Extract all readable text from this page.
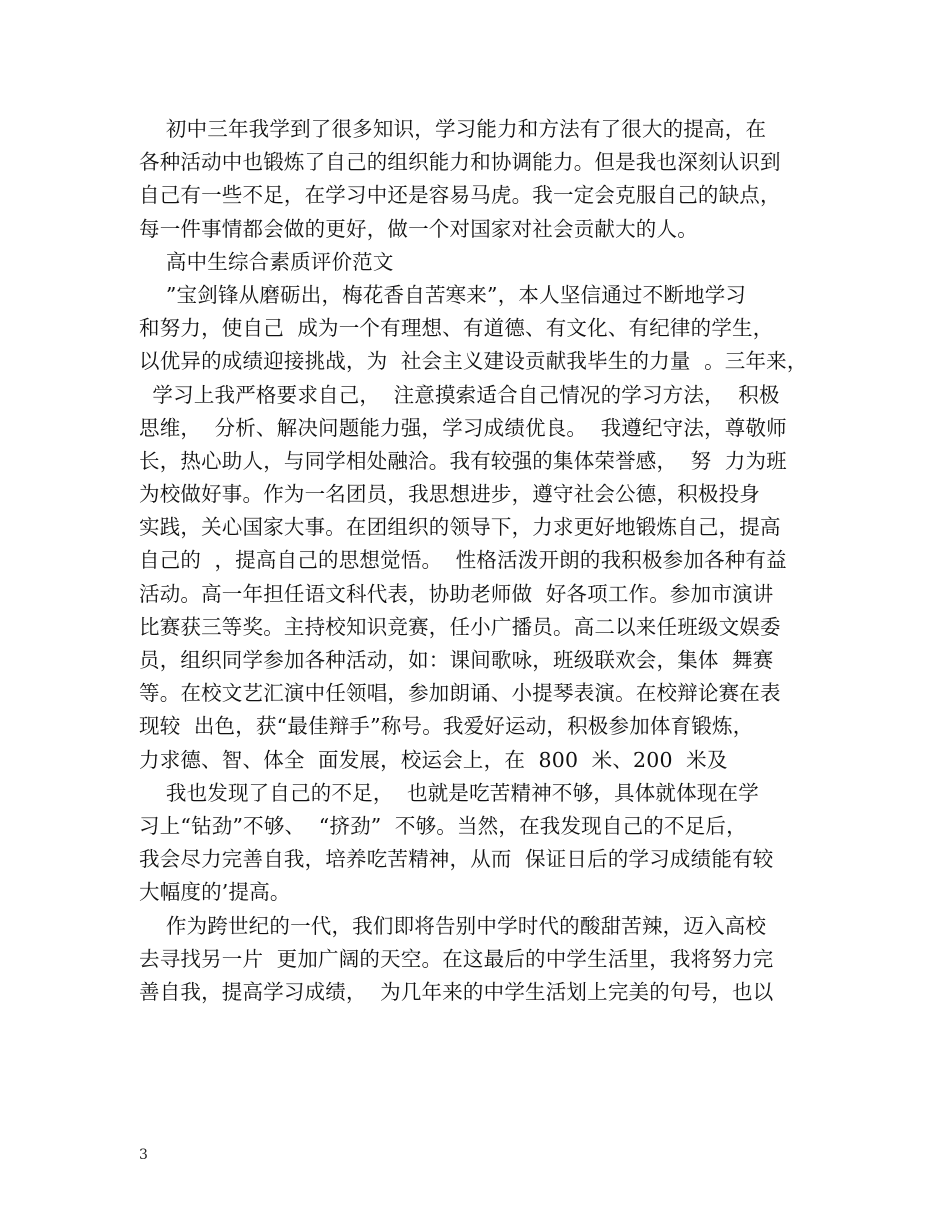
初中三年我学到了很多知识，学习能力和方法有了很大的提高，在
各种活动中也锻炼了自己的组织能力和协调能力。但是我也深刻认识到
自己有一些不足，在学习中还是容易马虎。我一定会克服自己的缺点，
每一件事情都会做的更好，做一个对国家对社会贡献大的人。
高中生综合素质评价范文
”宝剑锋从磨砺出，梅花香自苦寒来”，本人坚信通过不断地学习
和努力，使自己  成为一个有理想、有道德、有文化、有纪律的学生，
以优异的成绩迎接挑战，为  社会主义建设贡献我毕生的力量  。三年来，
学习上我严格要求自己，  注意摸索适合自己情况的学习方法，  积极
思维，  分析、解决问题能力强，学习成绩优良。  我遵纪守法，尊敬师
长，热心助人，与同学相处融洽。我有较强的集体荣誉感，  努  力为班
为校做好事。作为一名团员，我思想进步，遵守社会公德，积极投身
实践，关心国家大事。在团组织的领导下，力求更好地锻炼自己，提高
自己的  ，提高自己的思想觉悟。  性格活泼开朗的我积极参加各种有益
活动。高一年担任语文科代表，协助老师做  好各项工作。参加市演讲
比赛获三等奖。主持校知识竞赛，任小广播员。高二以来任班级文娱委
员，组织同学参加各种活动，如：课间歌咏，班级联欢会，集体  舞赛
等。在校文艺汇演中任领唱，参加朗诵、小提琴表演。在校辩论赛在表
现较  出色，获“最佳辩手”称号。我爱好运动，积极参加体育锻炼，
力求德、智、体全  面发展，校运会上，在  800  米、200  米及
我也发现了自己的不足，  也就是吃苦精神不够，具体就体现在学
习上“钻劲”不够、  “挤劲”  不够。当然，在我发现自己的不足后，
我会尽力完善自我，培养吃苦精神，从而  保证日后的学习成绩能有较
大幅度的’提高。
作为跨世纪的一代，我们即将告别中学时代的酸甜苦辣，迈入高校
去寻找另一片  更加广阔的天空。在这最后的中学生活里，我将努力完
善自我，提高学习成绩，  为几年来的中学生活划上完美的句号，也以
3
